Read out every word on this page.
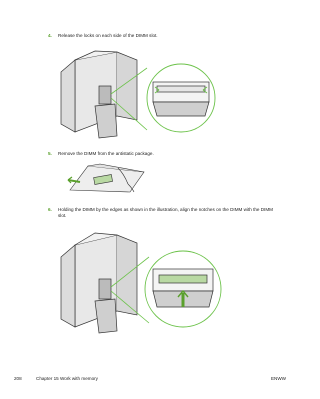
4. Release the locks on each side of the DIMM slot.
5. Remove the DIMM from the antistatic package.
6. Holding the DIMM by the edges as shown in the illustration, align the notches on the DIMM with the DIMM slot.
208	Chapter 15 Work with memory	ENWW
